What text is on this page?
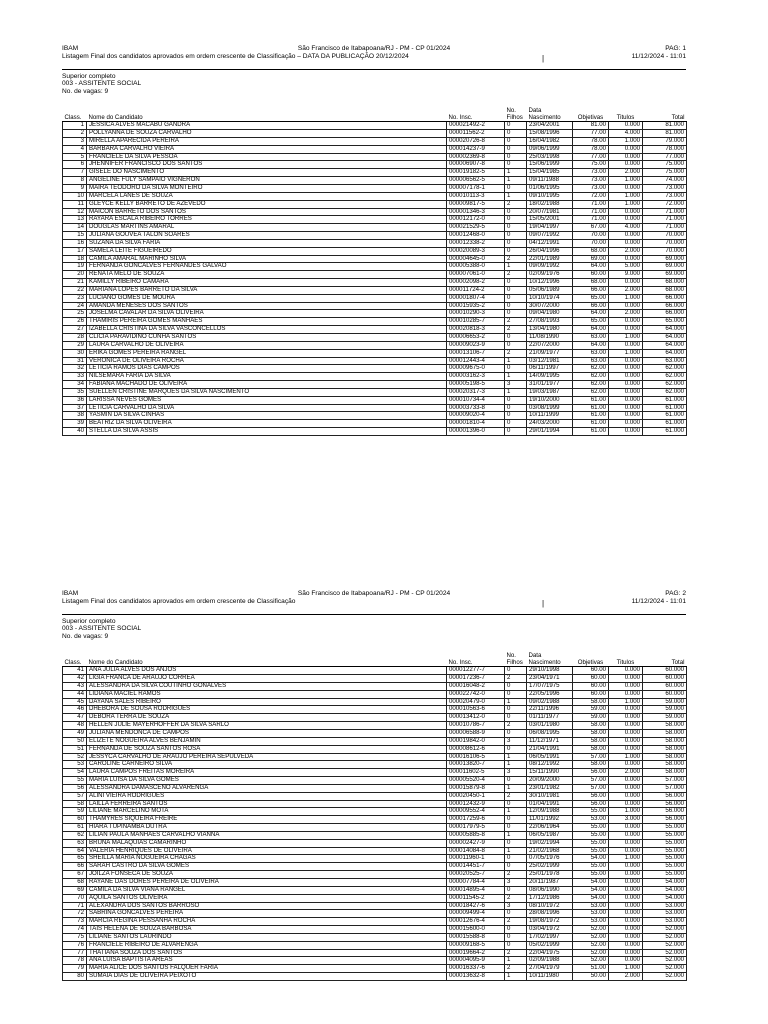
IBAM	São Francisco de Itabapoana/RJ - PM - CP 01/2024	PAG: 1
11/12/2024 - 11:01
Listagem Final dos candidatos aprovados em ordem crescente de Classificação – DATA DA PUBLICAÇÃO 20/12/2024	|
Superior completo
003 - ASSITENTE SOCIAL
No. de vagas: 9
Class.	Nome do Candidato	No. Insc.	No. Filhos	Data Nascimento	Objetivas	Titulos	Total
1	JESSICA ALVES MACABU GANDRA	000021492-2	0	23/04/2001	81.00	0.000	81.000
2	POLLYANNA DE SOUZA CARVALHO	000011562-2	0	15/08/1996	77.00	4.000	81.000
3	MIRELLA APARECIDA PEREIRA	000020726-8	0	16/04/1982	78.00	1.000	79.000
4	BARBARA CARVALHO VIEIRA	000014237-9	0	09/06/1999	78.00	0.000	78.000
5	FRANCIELE DA SILVA PESSOA	000002369-8	0	25/03/1998	77.00	0.000	77.000
6	JHENNIFER FRANCISCO DOS SANTOS	000006907-8	0	15/06/1999	75.00	0.000	75.000
7	GISELE DO NASCIMENTO	000019182-5	1	15/04/1985	73.00	2.000	75.000
8	ANGELINE FULY SAMPAIO VIGNERON	000006562-5	1	09/11/1988	73.00	1.000	74.000
9	MAIRA TEODORO DA SILVA MONTEIRO	000007178-1	0	01/06/1995	73.00	0.000	73.000
10	MARCELA LANES DE SOUZA	000010113-3	1	09/10/1995	72.00	1.000	73.000
11	GLEYCE KELLY BARRETO DE AZEVEDO	000009817-5	2	18/02/1988	71.00	1.000	72.000
12	MAICON BARRETO DOS SANTOS	000001346-3	0	20/07/1981	71.00	0.000	71.000
13	RAYARA ESCALA RIBEIRO TORRES	000012172-0	0	15/05/2001	71.00	0.000	71.000
14	DOUGLAS MARTINS AMARAL	000021529-5	0	19/04/1997	67.00	4.000	71.000
15	JULIANA GOUVEA TALON SOARES	000012468-0	0	09/07/1992	70.00	0.000	70.000
16	SUZANA DA SILVA FARIA	000012338-2	0	04/12/1991	70.00	0.000	70.000
17	SAMELA LEITE FIGUEIREDO	000020089-3	0	26/04/1996	68.00	2.000	70.000
18	CAMILA AMARAL MARINHO SILVA	000004645-0	2	22/01/1989	69.00	0.000	69.000
19	FERNANDA GONCALVES FERNANDES GALVAO	000005388-0	1	09/09/1992	64.00	5.000	69.000
20	RENATA MELO DE SOUZA	000007061-0	2	02/09/1976	60.00	9.000	69.000
21	KAMILLY RIBEIRO CAMARA	000002098-2	0	10/12/1996	68.00	0.000	68.000
22	MARIANA LOPES BARRETO DA SILVA	000011724-2	0	05/06/1989	66.00	2.000	68.000
23	LUCIANO GOMES DE MOURA	000001807-4	0	10/10/1974	65.00	1.000	66.000
24	AMANDA MENESES DOS SANTOS	000015935-2	0	30/07/2000	66.00	0.000	66.000
25	JOSELMA CAVALAR DA SILVA OLIVEIRA	000010290-3	0	09/04/1980	64.00	2.000	66.000
26	THAMIRIS PEREIRA GOMES MANHAES	000010285-7	2	27/08/1993	65.00	0.000	65.000
27	IZABELLA CRISTINA DA SILVA VASCONCELLOS	000020818-3	2	13/04/1980	64.00	0.000	64.000
28	CLICIA PARAVIDINO CUNHA SANTOS	000006653-2	0	11/08/1990	63.00	1.000	64.000
29	LAURA CARVALHO DE OLIVEIRA	000009023-9	0	22/07/2000	64.00	0.000	64.000
30	ERIKA GOMES PEREIRA RANGEL	000013106-7	2	21/09/1977	63.00	1.000	64.000
31	VERONICA DE OLIVEIRA ROCHA	000012443-4	1	03/12/1981	63.00	0.000	63.000
32	LETICIA RAMOS DIAS CAMPOS	000009675-0	0	06/11/1997	62.00	0.000	62.000
33	NILSEMARA FARIA DA SILVA	000003162-3	1	14/09/1995	62.00	0.000	62.000
34	FABIANA MACHADO DE OLIVEIRA	000005198-5	3	31/01/1977	62.00	0.000	62.000
35	SUELLEN CRISTINE MARQUES DA SILVA NASCIMENTO	000020317-3	1	19/03/1987	62.00	0.000	62.000
36	LARISSA NEVES GOMES	000010734-4	0	19/10/2000	61.00	0.000	61.000
37	LETICIA CARVALHO DA SILVA	000003733-8	0	03/08/1999	61.00	0.000	61.000
38	YASMIN DA SILVA CINHAS	000009020-4	0	10/11/1999	61.00	0.000	61.000
39	BEATRIZ DA SILVA OLIVEIRA	000001810-4	0	24/03/2000	61.00	0.000	61.000
40	STELLA DA SILVA ASSIS	000001396-0	0	29/01/1994	61.00	0.000	61.000
IBAM	São Francisco de Itabapoana/RJ - PM - CP 01/2024	PAG: 2
11/12/2024 - 11:01
Listagem Final dos candidatos aprovados em ordem crescente de Classificação	|
Superior completo
003 - ASSITENTE SOCIAL
No. de vagas: 9
Class.	Nome do Candidato	No. Insc.	No. Filhos	Data Nascimento	Objetivas	Titulos	Total
41	ANA JULIA ALVES DOS ANJOS	000012277-7	0	29/10/1998	60.00	0.000	60.000
42	LIGIA FRANCA DE ARAUJO CORREA	000017236-7	2	23/04/1971	60.00	0.000	60.000
43	ALESSANDRA DA SILVA COUTINHO GONALVES	000016048-2	0	17/07/1975	60.00	0.000	60.000
44	LIDIANA MACIEL RAMOS	000022742-0	0	22/05/1996	60.00	0.000	60.000
45	DAYANA SALES RIBEIRO	000020479-0	1	09/02/1988	58.00	1.000	59.000
46	DHEBORA DE SOUSA RODRIGUES	000010563-6	0	22/11/1996	59.00	0.000	59.000
47	DEBORA TERRA DE SOUZA	000013412-0	0	01/11/1977	59.00	0.000	59.000
48	HELLEN JULIE MAYERHOFFER DA SILVA SARLO	000010786-7	2	03/01/1980	58.00	0.000	58.000
49	JULIANA MENDONCA DE CAMPOS	000006588-9	0	06/08/1995	58.00	0.000	58.000
50	ELIZETE NOGUEIRA ALVES BENJAMIN	000019842-0	3	11/12/1971	58.00	0.000	58.000
51	FERNANDA DE SOUZA SANTOS ROSA	000008612-6	0	21/04/1991	58.00	0.000	58.000
52	JESSYCA CARVALHO DE ARAUJO PEREIRA SEPULVEDA	000016106-5	1	06/05/1991	57.00	1.000	58.000
53	CAROLINE CARNEIRO SILVA	000013820-7	1	08/12/1992	58.00	0.000	58.000
54	LAURA CAMPOS FREITAS MOREIRA	000011602-5	3	15/11/1990	56.00	2.000	58.000
55	MARIA LUISA DA SILVA GOMES	000005520-4	0	20/09/2000	57.00	0.000	57.000
56	ALESSANDRA DAMASCENO ALVARENGA	000015879-8	1	23/01/1982	57.00	0.000	57.000
57	ALINI VIEIRA RODRIGUES	000020450-1	2	30/10/1981	56.00	0.000	56.000
58	LAILLA FERREIRA SANTOS	000012432-9	0	01/04/1991	56.00	0.000	56.000
59	LILIANE MARCELINO MOTA	000009552-4	1	12/09/1988	55.00	1.000	56.000
60	THAMYRES SIQUEIRA FREIRE	000017259-6	0	11/01/1992	53.00	3.000	56.000
61	HIARA TUPINAMBA DUTRA	000017979-5	0	22/06/1964	55.00	0.000	55.000
62	LILIAN PAULA MANHAES CARVALHO VIANNA	000005885-8	1	06/05/1987	55.00	0.000	55.000
63	BRUNA MALAQUIAS CAMARINHO	000002427-9	0	19/02/1994	55.00	0.000	55.000
64	VALERIA HENRIQUES DE OLIVEIRA	000014084-8	1	21/02/1968	55.00	0.000	55.000
65	SHEILLA MARIA NOGUEIRA CHAGAS	000011960-1	0	07/05/1976	54.00	1.000	55.000
66	SARAH CASTRO DA SILVA GOMES	000014451-7	0	25/02/1999	55.00	0.000	55.000
67	JOILZA FONSECA DE SOUZA	000020525-7	2	25/01/1978	55.00	0.000	55.000
68	RAYANE DAS DORES PEREIRA DE OLIVEIRA	000007784-4	3	20/11/1987	54.00	0.000	54.000
69	CAMILA DA SILVA VIANA RANGEL	000014895-4	0	08/06/1990	54.00	0.000	54.000
70	AQUILA SANTOS OLIVEIRA	000011545-2	2	17/12/1986	54.00	0.000	54.000
71	ALEXANDRA DOS SANTOS BARROSO	000018427-6	3	08/10/1972	53.00	0.000	53.000
72	SABRINA GONCALVES PEREIRA	000009499-4	0	28/08/1996	53.00	0.000	53.000
73	MARCIA REGINA PESSANHA ROCHA	000012676-4	2	19/08/1972	53.00	0.000	53.000
74	TAIS HELENA DE SOUZA BARBOSA	000015600-0	0	03/04/1972	52.00	0.000	52.000
75	LILIANE SANTOS LAURINDO	000015588-8	0	17/02/1997	52.00	0.000	52.000
76	FRANCIELE RIBEIRO DE ALVARENGA	000009168-5	0	05/02/1999	52.00	0.000	52.000
77	THATIANA SOUZA DOS SANTOS	000019664-2	2	22/04/1975	52.00	0.000	52.000
78	ANA LUISA BAPTISTA AREAS	000004095-9	1	02/09/1988	52.00	0.000	52.000
79	MARIA ALICE DOS SANTOS FALQUER FARIA	000016337-6	2	27/04/1979	51.00	1.000	52.000
80	SUMAIA DIAS DE OLIVEIRA PEIXOTO	000013632-8	1	10/11/1980	50.00	2.000	52.000
